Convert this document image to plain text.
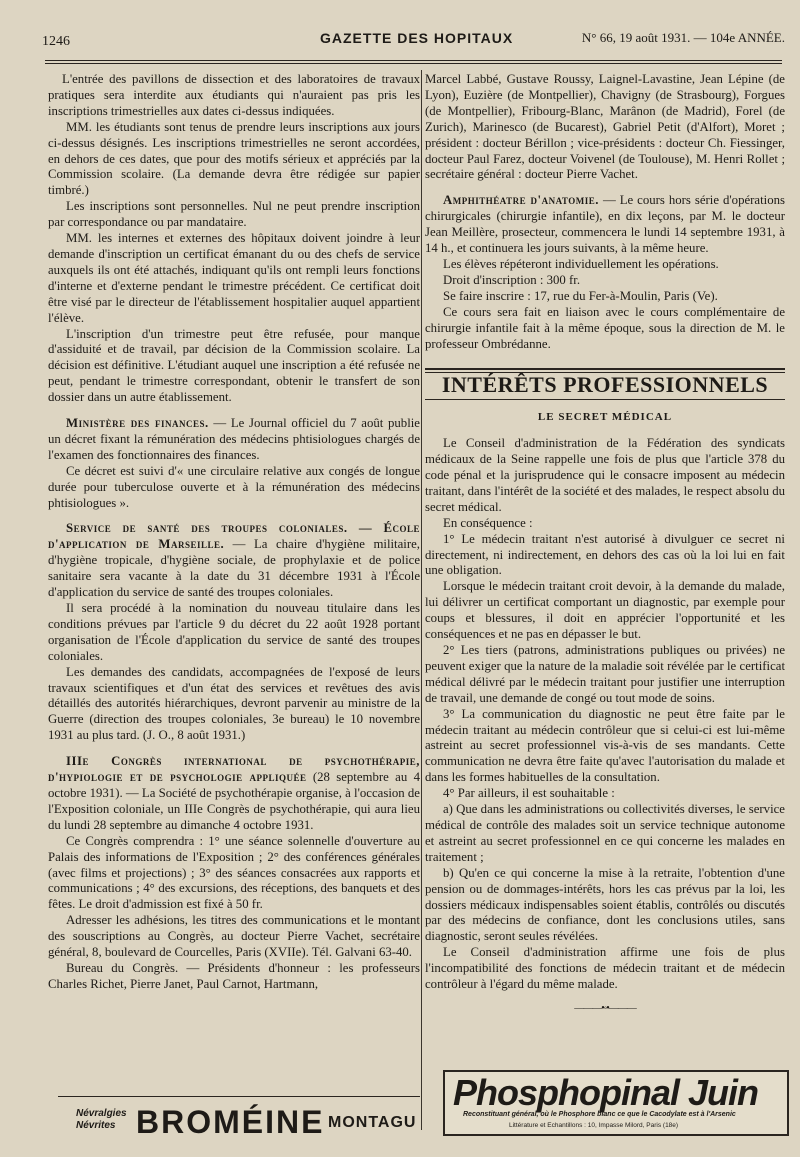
1246	GAZETTE DES HOPITAUX	N° 66, 19 août 1931. — 104e ANNÉE.

L'entrée des pavillons de dissection et des laboratoires de travaux pratiques sera interdite aux étudiants qui n'auraient pas pris les inscriptions trimestrielles aux dates ci-dessus indiquées.

MM. les étudiants sont tenus de prendre leurs inscriptions aux jours ci-dessus désignés. Les inscriptions trimestrielles ne seront accordées, en dehors de ces dates, que pour des motifs sérieux et appréciés par la Commission scolaire. (La demande devra être rédigée sur papier timbré.)

Les inscriptions sont personnelles. Nul ne peut prendre inscription par correspondance ou par mandataire.

MM. les internes et externes des hôpitaux doivent joindre à leur demande d'inscription un certificat émanant du ou des chefs de service auxquels ils ont été attachés, indiquant qu'ils ont rempli leurs fonctions d'interne et d'externe pendant le trimestre précédent. Ce certificat doit être visé par le directeur de l'établissement hospitalier auquel appartient l'élève.

L'inscription d'un trimestre peut être refusée, pour manque d'assiduité et de travail, par décision de la Commission scolaire. La décision est définitive. L'étudiant auquel une inscription a été refusée ne peut, pendant le trimestre correspondant, obtenir le transfert de son dossier dans un autre établissement.

Ministère des finances. — Le Journal officiel du 7 août publie un décret fixant la rémunération des médecins phtisiologues chargés de l'examen des fonctionnaires des finances.

Ce décret est suivi d'« une circulaire relative aux congés de longue durée pour tuberculose ouverte et à la rémunération des médecins phtisiologues ».

Service de santé des troupes coloniales. — École d'application de Marseille. — La chaire d'hygiène militaire, d'hygiène tropicale, d'hygiène sociale, de prophylaxie et de police sanitaire sera vacante à la date du 31 décembre 1931 à l'École d'application du service de santé des troupes coloniales.

Il sera procédé à la nomination du nouveau titulaire dans les conditions prévues par l'article 9 du décret du 22 août 1928 portant organisation de l'École d'application du service de santé des troupes coloniales.

Les demandes des candidats, accompagnées de l'exposé de leurs travaux scientifiques et d'un état des services et revêtues des avis détaillés des autorités hiérarchiques, devront parvenir au ministre de la Guerre (direction des troupes coloniales, 3e bureau) le 10 novembre 1931 au plus tard. (J. O., 8 août 1931.)

IIIe Congrès international de psychothérapie, d'hypiologie et de psychologie appliquée (28 septembre au 4 octobre 1931). — La Société de psychothérapie organise, à l'occasion de l'Exposition coloniale, un IIIe Congrès de psychothérapie, qui aura lieu du lundi 28 septembre au dimanche 4 octobre 1931.

Ce Congrès comprendra : 1° une séance solennelle d'ouverture au Palais des informations de l'Exposition ; 2° des conférences générales (avec films et projections) ; 3° des séances consacrées aux rapports et communications ; 4° des excursions, des réceptions, des banquets et des fêtes. Le droit d'admission est fixé à 50 fr.

Adresser les adhésions, les titres des communications et le montant des souscriptions au Congrès, au docteur Pierre Vachet, secrétaire général, 8, boulevard de Courcelles, Paris (XVIIe). Tél. Galvani 63-40.

Bureau du Congrès. — Présidents d'honneur : les professeurs Charles Richet, Pierre Janet, Paul Carnot, Hartmann,

Marcel Labbé, Gustave Roussy, Laignel-Lavastine, Jean Lépine (de Lyon), Euzière (de Montpellier), Chavigny (de Strasbourg), Forgues (de Montpellier), Fribourg-Blanc, Marânon (de Madrid), Forel (de Zurich), Marinesco (de Bucarest), Gabriel Petit (d'Alfort), Moret ; président : docteur Bérillon ; vice-présidents : docteur Ch. Fiessinger, docteur Paul Farez, docteur Voivenel (de Toulouse), M. Henri Rollet ; secrétaire général : docteur Pierre Vachet.

Amphithéatre d'anatomie. — Le cours hors série d'opérations chirurgicales (chirurgie infantile), en dix leçons, par M. le docteur Jean Meillère, prosecteur, commencera le lundi 14 septembre 1931, à 14 h., et continuera les jours suivants, à la même heure.

Les élèves répéteront individuellement les opérations.

Droit d'inscription : 300 fr.

Se faire inscrire : 17, rue du Fer-à-Moulin, Paris (Ve).

Ce cours sera fait en liaison avec le cours complémentaire de chirurgie infantile fait à la même époque, sous la direction de M. le professeur Ombrédanne.

INTÉRÊTS PROFESSIONNELS
LE SECRET MÉDICAL

Le Conseil d'administration de la Fédération des syndicats médicaux de la Seine rappelle une fois de plus que l'article 378 du code pénal et la jurisprudence qui le consacre imposent au médecin traitant, dans l'intérêt de la société et des malades, le respect absolu du secret médical.

En conséquence :

1° Le médecin traitant n'est autorisé à divulguer ce secret ni directement, ni indirectement, en dehors des cas où la loi lui en fait une obligation.

Lorsque le médecin traitant croit devoir, à la demande du malade, lui délivrer un certificat comportant un diagnostic, par exemple pour coups et blessures, il doit en apprécier l'opportunité et les conséquences et ne pas en dépasser le but.

2° Les tiers (patrons, administrations publiques ou privées) ne peuvent exiger que la nature de la maladie soit révélée par le certificat médical délivré par le médecin traitant pour justifier une interruption de travail, une demande de congé ou tout mode de soins.

3° La communication du diagnostic ne peut être faite par le médecin traitant au médecin contrôleur que si celui-ci est lui-même astreint au secret professionnel vis-à-vis de ses mandants. Cette communication ne devra être faite qu'avec l'autorisation du malade et dans les formes habituelles de la consultation.

4° Par ailleurs, il est souhaitable :

a) Que dans les administrations ou collectivités diverses, le service médical de contrôle des malades soit un service technique autonome et astreint au secret professionnel en ce qui concerne les malades en traitement ;

b) Qu'en ce qui concerne la mise à la retraite, l'obtention d'une pension ou de dommages-intérêts, hors les cas prévus par la loi, les dossiers médicaux indispensables soient établis, contrôlés ou discutés par des médecins de confiance, dont les conclusions utiles, sans diagnostic, seront seules révélées.

Le Conseil d'administration affirme une fois de plus l'incompatibilité des fonctions de médecin traitant et de médecin contrôleur à l'égard du même malade.

———•◦•———
Névralgies Névrites BROMÉINE MONTAGU
Phosphopinal Juin
Reconstituant général, où le Phosphore blanc ce que le Cacodylate est à l'Arsenic
Littérature et Echantillons : 10, Impasse Milord, Paris (18e)
